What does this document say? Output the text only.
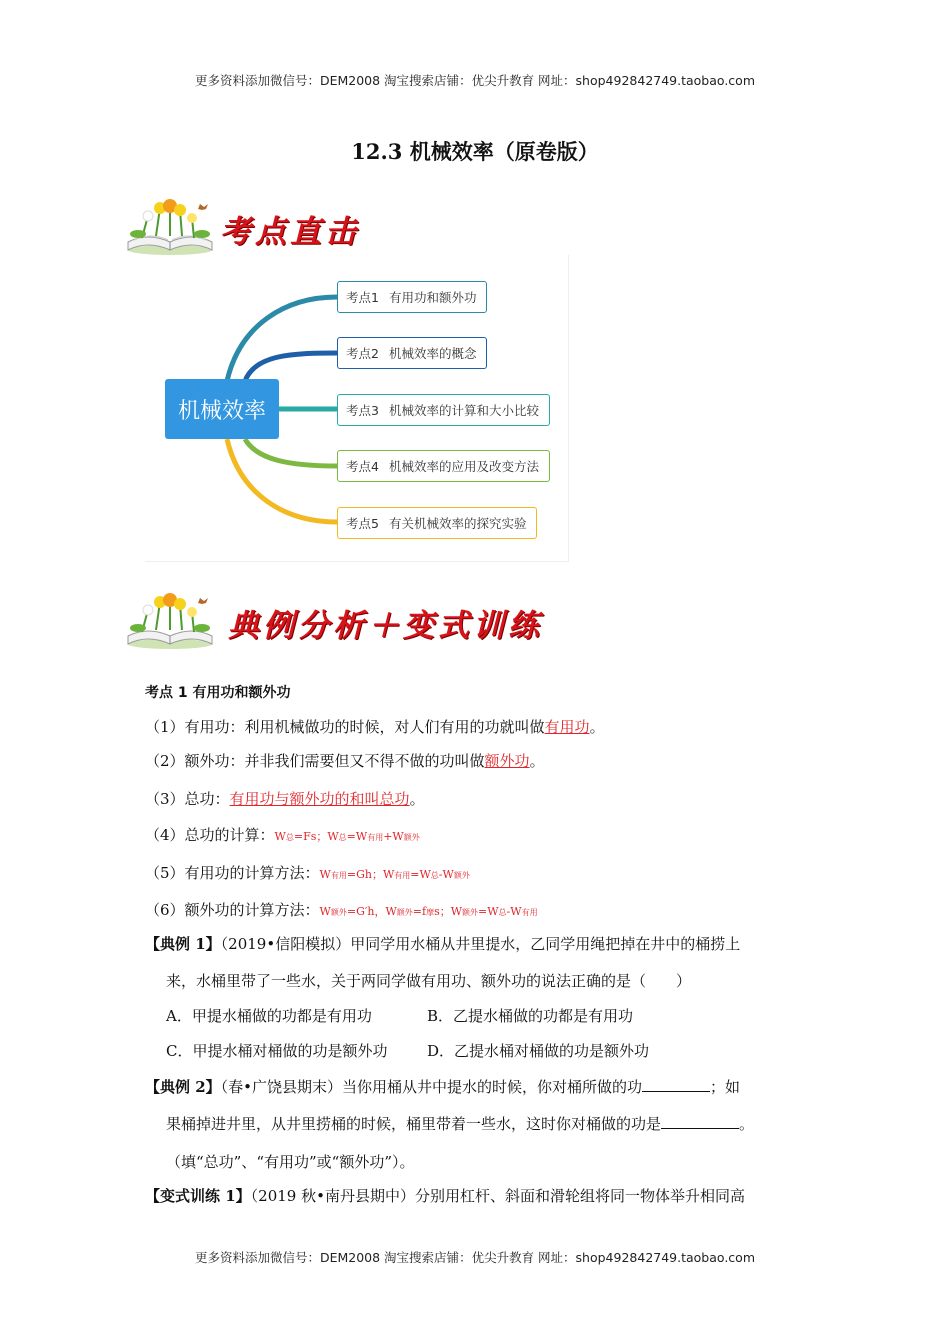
更多资料添加微信号：DEM2008 淘宝搜索店铺：优尖升教育 网址：shop492842749.taobao.com
12.3 机械效率（原卷版）
考点直击
机械效率
考点1 有用功和额外功
考点2 机械效率的概念
考点3 机械效率的计算和大小比较
考点4 机械效率的应用及改变方法
考点5 有关机械效率的探究实验
典例分析＋变式训练
考点 1 有用功和额外功
（1）有用功：利用机械做功的时候，对人们有用的功就叫做有用功。
（2）额外功：并非我们需要但又不得不做的功叫做额外功。
（3）总功：有用功与额外功的和叫总功。
（4）总功的计算：W总=Fs；W总=W有用+W额外
（5）有用功的计算方法：W有用=Gh；W有用=W总-W额外
（6）额外功的计算方法：W额外=G′h，W额外=f摩s；W额外=W总-W有用
【典例 1】（2019•信阳模拟）甲同学用水桶从井里提水，乙同学用绳把掉在井中的桶捞上
来，水桶里带了一些水，关于两同学做有用功、额外功的说法正确的是（　　）
A．甲提水桶做的功都是有用功	B．乙提水桶做的功都是有用功
C．甲提水桶对桶做的功是额外功	D．乙提水桶对桶做的功是额外功
【典例 2】（春•广饶县期末）当你用桶从井中提水的时候，你对桶所做的功	；如
果桶掉进井里，从井里捞桶的时候，桶里带着一些水，这时你对桶做的功是	。
（填“总功”、“有用功”或“额外功”）。
【变式训练 1】（2019 秋•南丹县期中）分别用杠杆、斜面和滑轮组将同一物体举升相同高
更多资料添加微信号：DEM2008 淘宝搜索店铺：优尖升教育 网址：shop492842749.taobao.com
